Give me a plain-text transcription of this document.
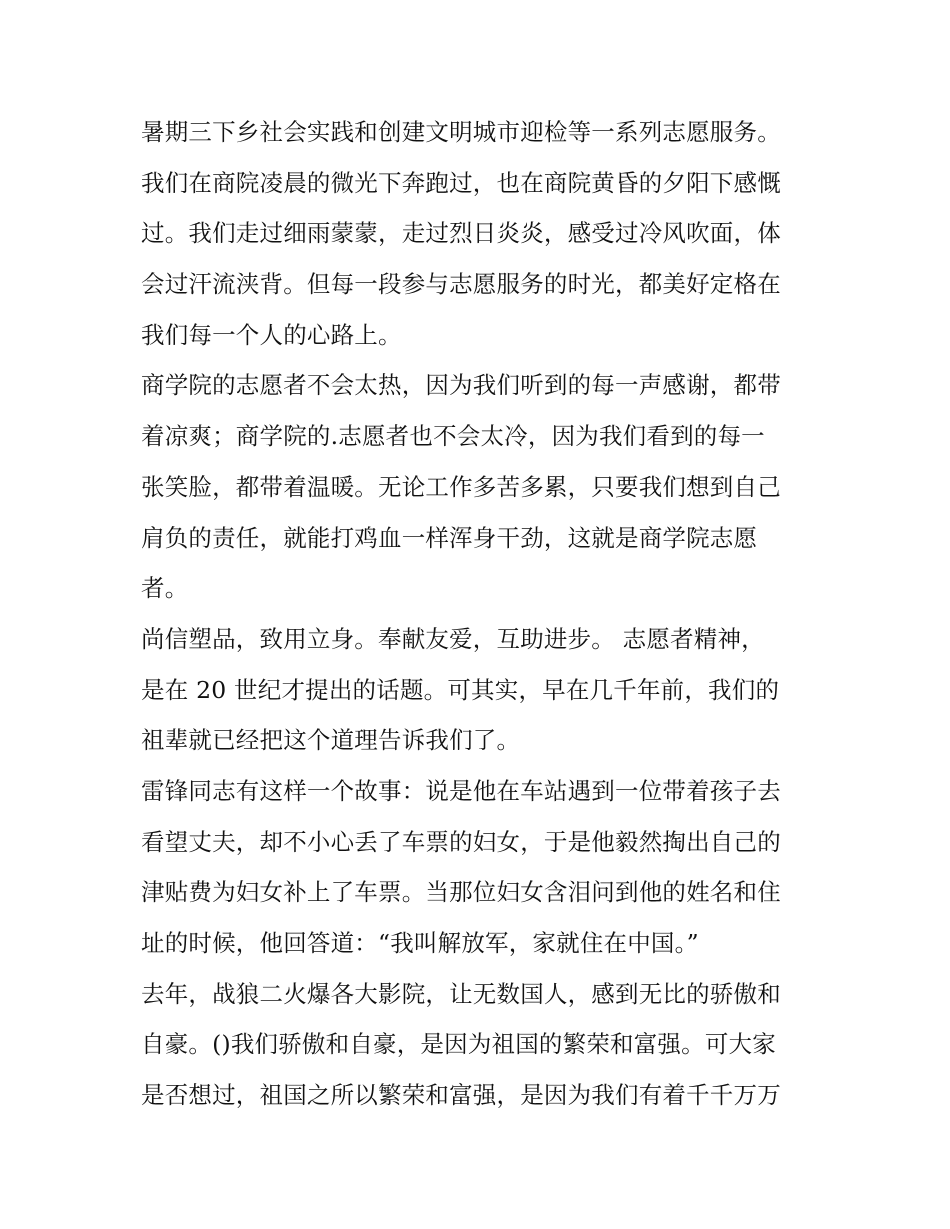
暑期三下乡社会实践和创建文明城市迎检等一系列志愿服务。
我们在商院凌晨的微光下奔跑过，也在商院黄昏的夕阳下感慨
过。我们走过细雨蒙蒙，走过烈日炎炎，感受过冷风吹面，体
会过汗流浃背。但每一段参与志愿服务的时光，都美好定格在
我们每一个人的心路上。
商学院的志愿者不会太热，因为我们听到的每一声感谢，都带
着凉爽；商学院的.志愿者也不会太冷，因为我们看到的每一
张笑脸，都带着温暖。无论工作多苦多累，只要我们想到自己
肩负的责任，就能打鸡血一样浑身干劲，这就是商学院志愿
者。
尚信塑品，致用立身。奉献友爱，互助进步。 志愿者精神，
是在 20 世纪才提出的话题。可其实，早在几千年前，我们的
祖辈就已经把这个道理告诉我们了。
雷锋同志有这样一个故事：说是他在车站遇到一位带着孩子去
看望丈夫，却不小心丢了车票的妇女，于是他毅然掏出自己的
津贴费为妇女补上了车票。当那位妇女含泪问到他的姓名和住
址的时候，他回答道：“我叫解放军，家就住在中国。”
去年，战狼二火爆各大影院，让无数国人，感到无比的骄傲和
自豪。()我们骄傲和自豪，是因为祖国的繁荣和富强。可大家
是否想过，祖国之所以繁荣和富强，是因为我们有着千千万万
